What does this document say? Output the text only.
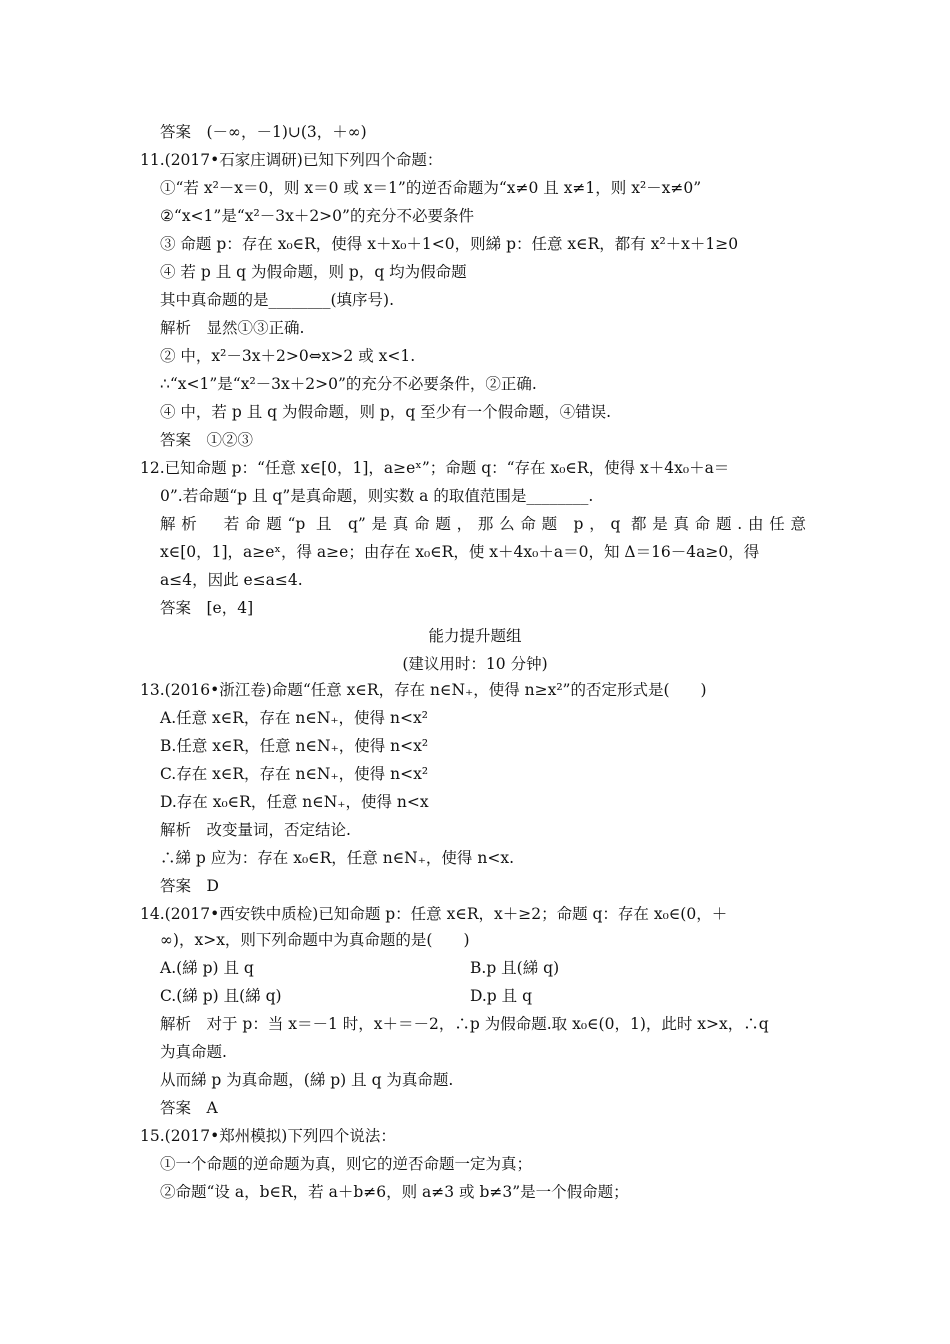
答案　(－∞，－1)∪(3，＋∞)
11.(2017•石家庄调研)已知下列四个命题：
①“若 x²－x＝0，则 x＝0 或 x＝1”的逆否命题为“x≠0 且 x≠1，则 x²－x≠0”
②“x<1”是“x²－3x＋2>0”的充分不必要条件
③ 命题 p：存在 x₀∈R，使得 x＋x₀＋1<0，则綈 p：任意 x∈R，都有 x²＋x＋1≥0
④ 若 p 且 q 为假命题，则 p，q 均为假命题
其中真命题的是________(填序号).
解析　显然①③正确.
② 中，x²－3x＋2>0⇔x>2 或 x<1.
∴“x<1”是“x²－3x＋2>0”的充分不必要条件，②正确.
④ 中，若 p 且 q 为假命题，则 p，q 至少有一个假命题，④错误.
答案　①②③
12.已知命题 p：“任意 x∈[0，1]，a≥eˣ”；命题 q：“存在 x₀∈R，使得 x＋4x₀＋a＝
0”.若命题“p 且 q”是真命题，则实数 a 的取值范围是________.
解析　若命题“p 且 q”是真命题，那么命题 p，q 都是真命题.由任意
x∈[0，1]，a≥eˣ，得 a≥e；由存在 x₀∈R，使 x＋4x₀＋a＝0，知 Δ＝16－4a≥0，得
a≤4，因此 e≤a≤4.
答案　[e，4]
能力提升题组
(建议用时：10 分钟)
13.(2016•浙江卷)命题“任意 x∈R，存在 n∈N₊，使得 n≥x²”的否定形式是(　　)
A.任意 x∈R，存在 n∈N₊，使得 n<x²
B.任意 x∈R，任意 n∈N₊，使得 n<x²
C.存在 x∈R，存在 n∈N₊，使得 n<x²
D.存在 x₀∈R，任意 n∈N₊，使得 n<x
解析　改变量词，否定结论.
∴綈 p 应为：存在 x₀∈R，任意 n∈N₊，使得 n<x.
答案　D
14.(2017•西安铁中质检)已知命题 p：任意 x∈R，x＋≥2；命题 q：存在 x₀∈(0，＋
∞)，x>x，则下列命题中为真命题的是(　　)
A.(綈 p) 且 q	B.p 且(綈 q)
C.(綈 p) 且(綈 q)	D.p 且 q
解析　对于 p：当 x＝－1 时，x＋＝－2，∴p 为假命题.取 x₀∈(0，1)，此时 x>x，∴q
为真命题.
从而綈 p 为真命题，(綈 p) 且 q 为真命题.
答案　A
15.(2017•郑州模拟)下列四个说法：
①一个命题的逆命题为真，则它的逆否命题一定为真；
②命题“设 a，b∈R，若 a＋b≠6，则 a≠3 或 b≠3”是一个假命题；
